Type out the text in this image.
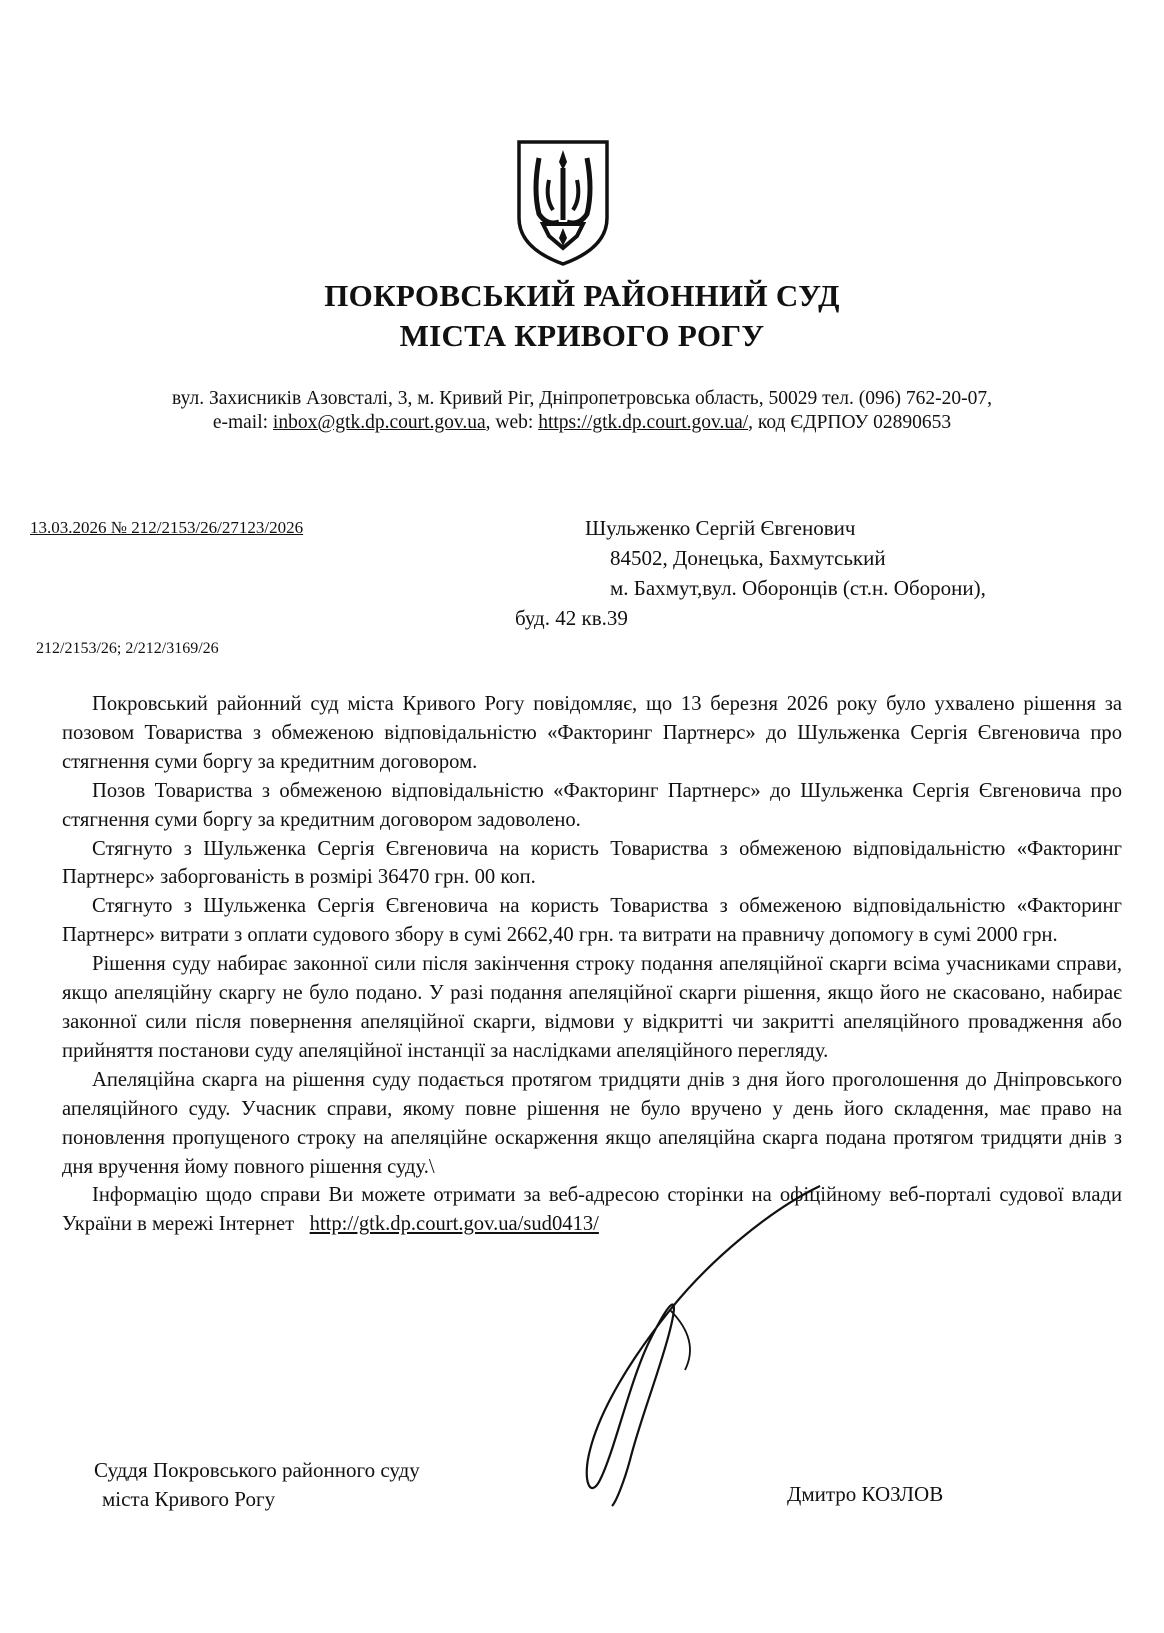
ПОКРОВСЬКИЙ РАЙОННИЙ СУД
МІСТА КРИВОГО РОГУ
вул. Захисників Азовсталі, 3, м. Кривий Ріг, Дніпропетровська область, 50029 тел. (096) 762-20-07,
e-mail: inbox@gtk.dp.court.gov.ua, web: https://gtk.dp.court.gov.ua/, код ЄДРПОУ 02890653
13.03.2026 № 212/2153/26/27123/2026
212/2153/26; 2/212/3169/26
Шульженко Сергій Євгенович
84502, Донецька, Бахмутський
м. Бахмут,вул. Оборонців (ст.н. Оборони),
буд. 42 кв.39

Покровський районний суд міста Кривого Рогу повідомляє, що 13 березня 2026 року було ухвалено рішення за позовом Товариства з обмеженою відповідальністю «Факторинг Партнерс» до Шульженка Сергія Євгеновича про стягнення суми боргу за кредитним договором.

Позов Товариства з обмеженою відповідальністю «Факторинг Партнерс» до Шульженка Сергія Євгеновича про стягнення суми боргу за кредитним договором задоволено.

Стягнуто з Шульженка Сергія Євгеновича на користь Товариства з обмеженою відповідальністю «Факторинг Партнерс» заборгованість в розмірі 36470 грн. 00 коп.

Стягнуто з Шульженка Сергія Євгеновича на користь Товариства з обмеженою відповідальністю «Факторинг Партнерс» витрати з оплати судового збору в сумі 2662,40 грн. та витрати на правничу допомогу в сумі 2000 грн.

Рішення суду набирає законної сили після закінчення строку подання апеляційної скарги всіма учасниками справи, якщо апеляційну скаргу не було подано. У разі подання апеляційної скарги рішення, якщо його не скасовано, набирає законної сили після повернення апеляційної скарги, відмови у відкритті чи закритті апеляційного провадження або прийняття постанови суду апеляційної інстанції за наслідками апеляційного перегляду.

Апеляційна скарга на рішення суду подається протягом тридцяти днів з дня його проголошення до Дніпровського апеляційного суду. Учасник справи, якому повне рішення не було вручено у день його складення, має право на поновлення пропущеного строку на апеляційне оскарження якщо апеляційна скарга подана протягом тридцяти днів з дня вручення йому повного рішення суду.\

Інформацію щодо справи Ви можете отримати за веб-адресою сторінки на офіційному веб-порталі судової влади України в мережі Інтернет http://gtk.dp.court.gov.ua/sud0413/

Суддя Покровського районного суду
міста Кривого Рогу	Дмитро КОЗЛОВ
